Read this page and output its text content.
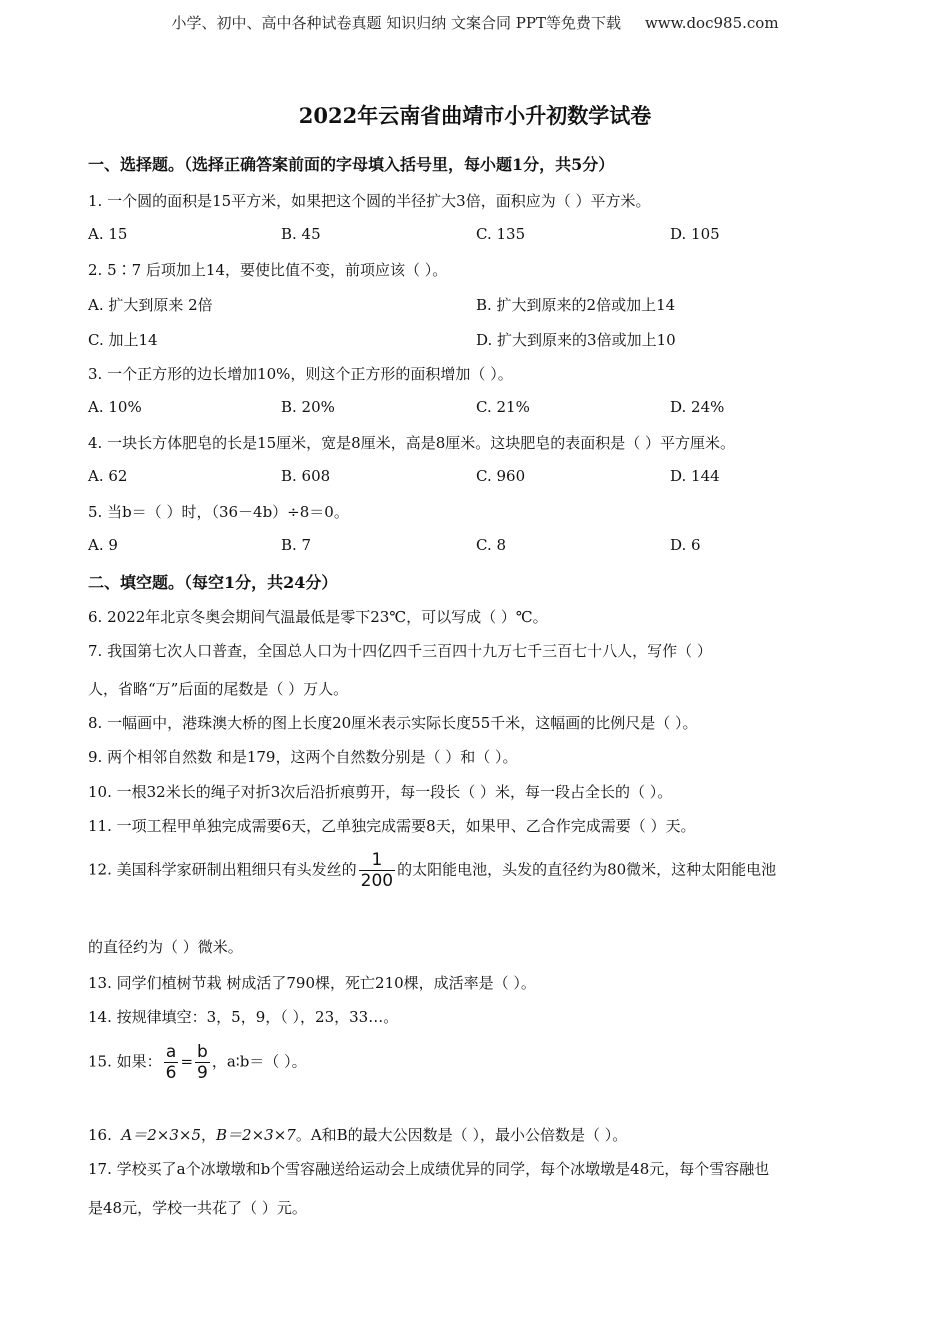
小学、初中、高中各种试卷真题 知识归纳 文案合同 PPT等免费下载 www.doc985.com
2022年云南省曲靖市小升初数学试卷
一、选择题。（选择正确答案前面的字母填入括号里，每小题1分，共5分）
1. 一个圆的面积是15平方米，如果把这个圆的半径扩大3倍，面积应为（ ）平方米。
A. 15	B. 45	C. 135	D. 105
2. 5∶7 后项加上14，要使比值不变，前项应该（ ）。
A. 扩大到原来 2倍	B. 扩大到原来的2倍或加上14
C. 加上14	D. 扩大到原来的3倍或加上10
3. 一个正方形的边长增加10%，则这个正方形的面积增加（ ）。
A. 10%	B. 20%	C. 21%	D. 24%
4. 一块长方体肥皂的长是15厘米，宽是8厘米，高是8厘米。这块肥皂的表面积是（ ）平方厘米。
A. 62	B. 608	C. 960	D. 144
5. 当b＝（ ）时，（36－4b）÷8＝0。
A. 9	B. 7	C. 8	D. 6
二、填空题。（每空1分，共24分）
6. 2022年北京冬奥会期间气温最低是零下23℃，可以写成（ ）℃。
7. 我国第七次人口普查，全国总人口为十四亿四千三百四十九万七千三百七十八人，写作（ ）
人，省略“万”后面的尾数是（ ）万人。
8. 一幅画中，港珠澳大桥的图上长度20厘米表示实际长度55千米，这幅画的比例尺是（ ）。
9. 两个相邻自然数 和是179，这两个自然数分别是（ ）和（ ）。
10. 一根32米长的绳子对折3次后沿折痕剪开，每一段长（ ）米，每一段占全长的（ ）。
11. 一项工程甲单独完成需要6天，乙单独完成需要8天，如果甲、乙合作完成需要（ ）天。
12. 美国科学家研制出粗细只有头发丝的 $\frac{1}{200}$ 的太阳能电池，头发的直径约为80微米，这种太阳能电池
的直径约为（ ）微米。
13. 同学们植树节栽 树成活了790棵，死亡210棵，成活率是（ ）。
14. 按规律填空：3，5，9，（ ），23，33…。
15. 如果： $\frac{a}{6} = \frac{b}{9}$ ，a∶b＝（ ）。
16. A＝2×3×5，B＝2×3×7。A和B的最大公因数是（ ），最小公倍数是（ ）。
17. 学校买了a个冰墩墩和b个雪容融送给运动会上成绩优异的同学，每个冰墩墩是48元，每个雪容融也
是48元，学校一共花了（ ）元。
